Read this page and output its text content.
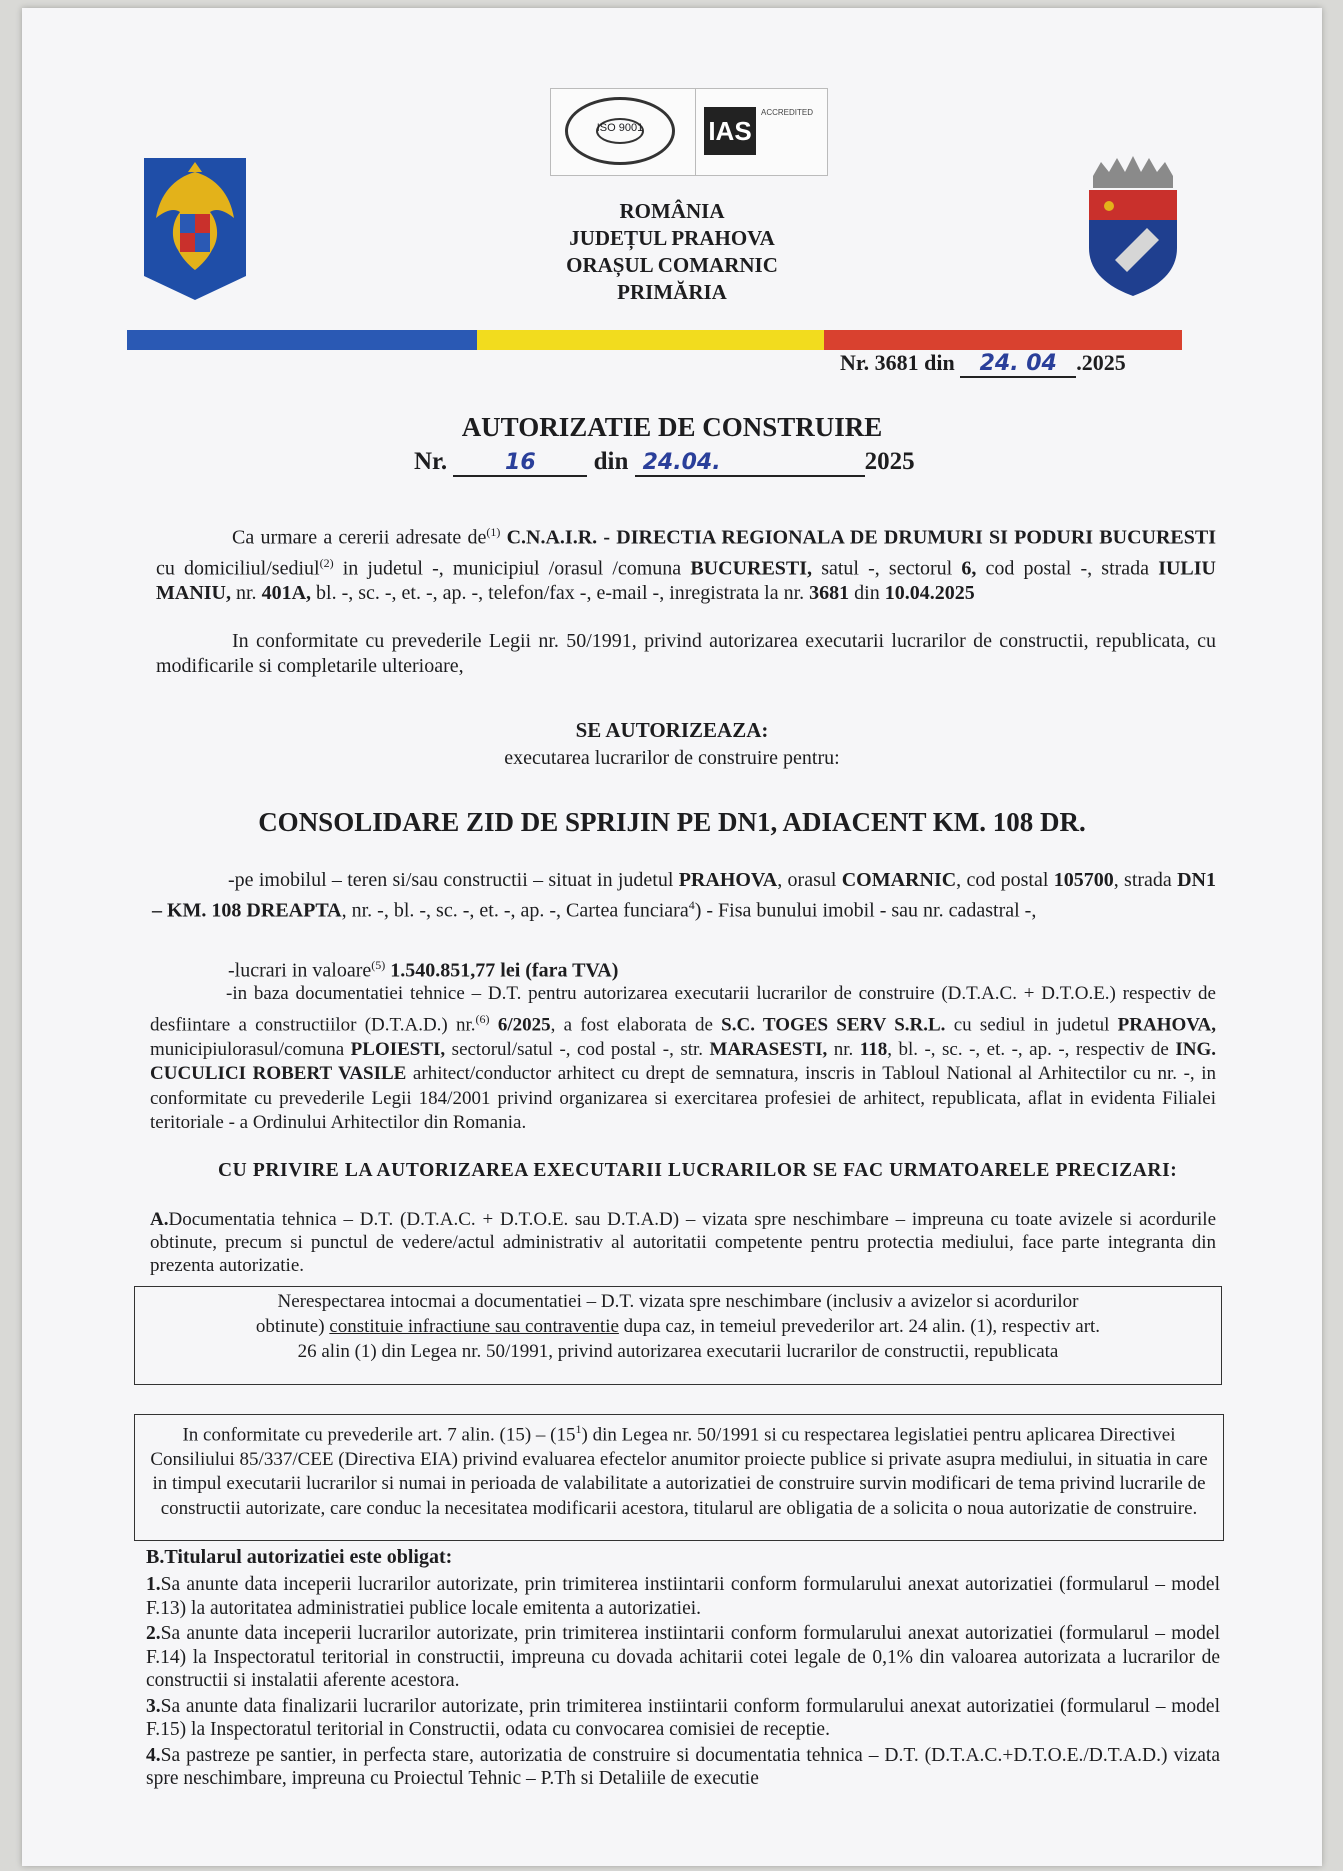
ISO 9001	IAS
ACCREDITED
ROMÂNIA
JUDEȚUL PRAHOVA
ORAȘUL COMARNIC
PRIMĂRIA
Nr. 3681 din 24. 04 .2025
AUTORIZATIE DE CONSTRUIRE
Nr.	16 din 24.04.	2025
Ca urmare a cererii adresate $de^{(1)}$ C.N.A.I.R. - DIRECTIA REGIONALA DE DRUMURI SI PODURI BUCURESTI cu domiciliul/sediul$^{(2)}$ in judetul -, municipiul /orasul /comuna BUCURESTI, satul -, sectorul 6, cod postal -, strada IULIU MANIU, nr. 401A, bl. -, sc. -, et. -, ap. -, telefon/fax -, e-mail -, inregistrata la nr. 3681 din 10.04.2025
In conformitate cu prevederile Legii nr. 50/1991, privind autorizarea executarii lucrarilor de constructii, republicata, cu modificarile si completarile ulterioare,
SE AUTORIZEAZA:
executarea lucrarilor de construire pentru:
CONSOLIDARE ZID DE SPRIJIN PE DN1, ADIACENT KM. 108 DR.
-pe imobilul – teren si/sau constructii – situat in judetul PRAHOVA, orasul COMARNIC, cod postal 105700, strada DN1 – KM. 108 DREAPTA, nr. -, bl. -, sc. -, et. -, ap. -, Cartea funciara$^4$) - Fisa bunului imobil - sau nr. cadastral -,
-lucrari in valoare$^{(5)}$ 1.540.851,77 lei (fara TVA)
-in baza documentatiei tehnice – D.T. pentru autorizarea executarii lucrarilor de construire (D.T.A.C. + D.T.O.E.) respectiv de desfiintare a constructiilor (D.T.A.D.) nr.$^{(6)}$ 6/2025, a fost elaborata de S.C. TOGES SERV S.R.L. cu sediul in judetul PRAHOVA, municipiulorasul/comuna PLOIESTI, sectorul/satul -, cod postal -, str. MARASESTI, nr. 118, bl. -, sc. -, et. -, ap. -, respectiv de ING. CUCULICI ROBERT VASILE arhitect/conductor arhitect cu drept de semnatura, inscris in Tabloul National al Arhitectilor cu nr. -, in conformitate cu prevederile Legii 184/2001 privind organizarea si exercitarea profesiei de arhitect, republicata, aflat in evidenta Filialei teritoriale - a Ordinului Arhitectilor din Romania.
CU PRIVIRE LA AUTORIZAREA EXECUTARII LUCRARILOR SE FAC URMATOARELE PRECIZARI:
A.Documentatia tehnica – D.T. (D.T.A.C. + D.T.O.E. sau D.T.A.D) – vizata spre neschimbare – impreuna cu toate avizele si acordurile obtinute, precum si punctul de vedere/actul administrativ al autoritatii competente pentru protectia mediului, face parte integranta din prezenta autorizatie.
Nerespectarea intocmai a documentatiei – D.T. vizata spre neschimbare (inclusiv a avizelor si acordurilor obtinute) constituie infractiune sau contraventie dupa caz, in temeiul prevederilor art. 24 alin. (1), respectiv art. 26 alin (1) din Legea nr. 50/1991, privind autorizarea executarii lucrarilor de constructii, republicata
In conformitate cu prevederile art. 7 alin. $(15) - (15^1)$ din Legea nr. 50/1991 si cu respectarea legislatiei pentru aplicarea Directivei Consiliului 85/337/CEE (Directiva EIA) privind evaluarea efectelor anumitor proiecte publice si private asupra mediului, in situatia in care in timpul executarii lucrarilor si numai in perioada de valabilitate a autorizatiei de construire survin modificari de tema privind lucrarile de constructii autorizate, care conduc la necesitatea modificarii acestora, titularul are obligatia de a solicita o noua autorizatie de construire.
B.Titularul autorizatiei este obligat:
1.Sa anunte data inceperii lucrarilor autorizate, prin trimiterea instiintarii conform formularului anexat autorizatiei (formularul – model F.13) la autoritatea administratiei publice locale emitenta a autorizatiei.
2.Sa anunte data inceperii lucrarilor autorizate, prin trimiterea instiintarii conform formularului anexat autorizatiei (formularul – model F.14) la Inspectoratul teritorial in constructii, impreuna cu dovada achitarii cotei legale de 0,1% din valoarea autorizata a lucrarilor de constructii si instalatii aferente acestora.
3.Sa anunte data finalizarii lucrarilor autorizate, prin trimiterea instiintarii conform formularului anexat autorizatiei (formularul – model F.15) la Inspectoratul teritorial in Constructii, odata cu convocarea comisiei de receptie.
4.Sa pastreze pe santier, in perfecta stare, autorizatia de construire si documentatia tehnica – D.T. (D.T.A.C.+D.T.O.E./D.T.A.D.) vizata spre neschimbare, impreuna cu Proiectul Tehnic – P.Th si Detaliile de executie
